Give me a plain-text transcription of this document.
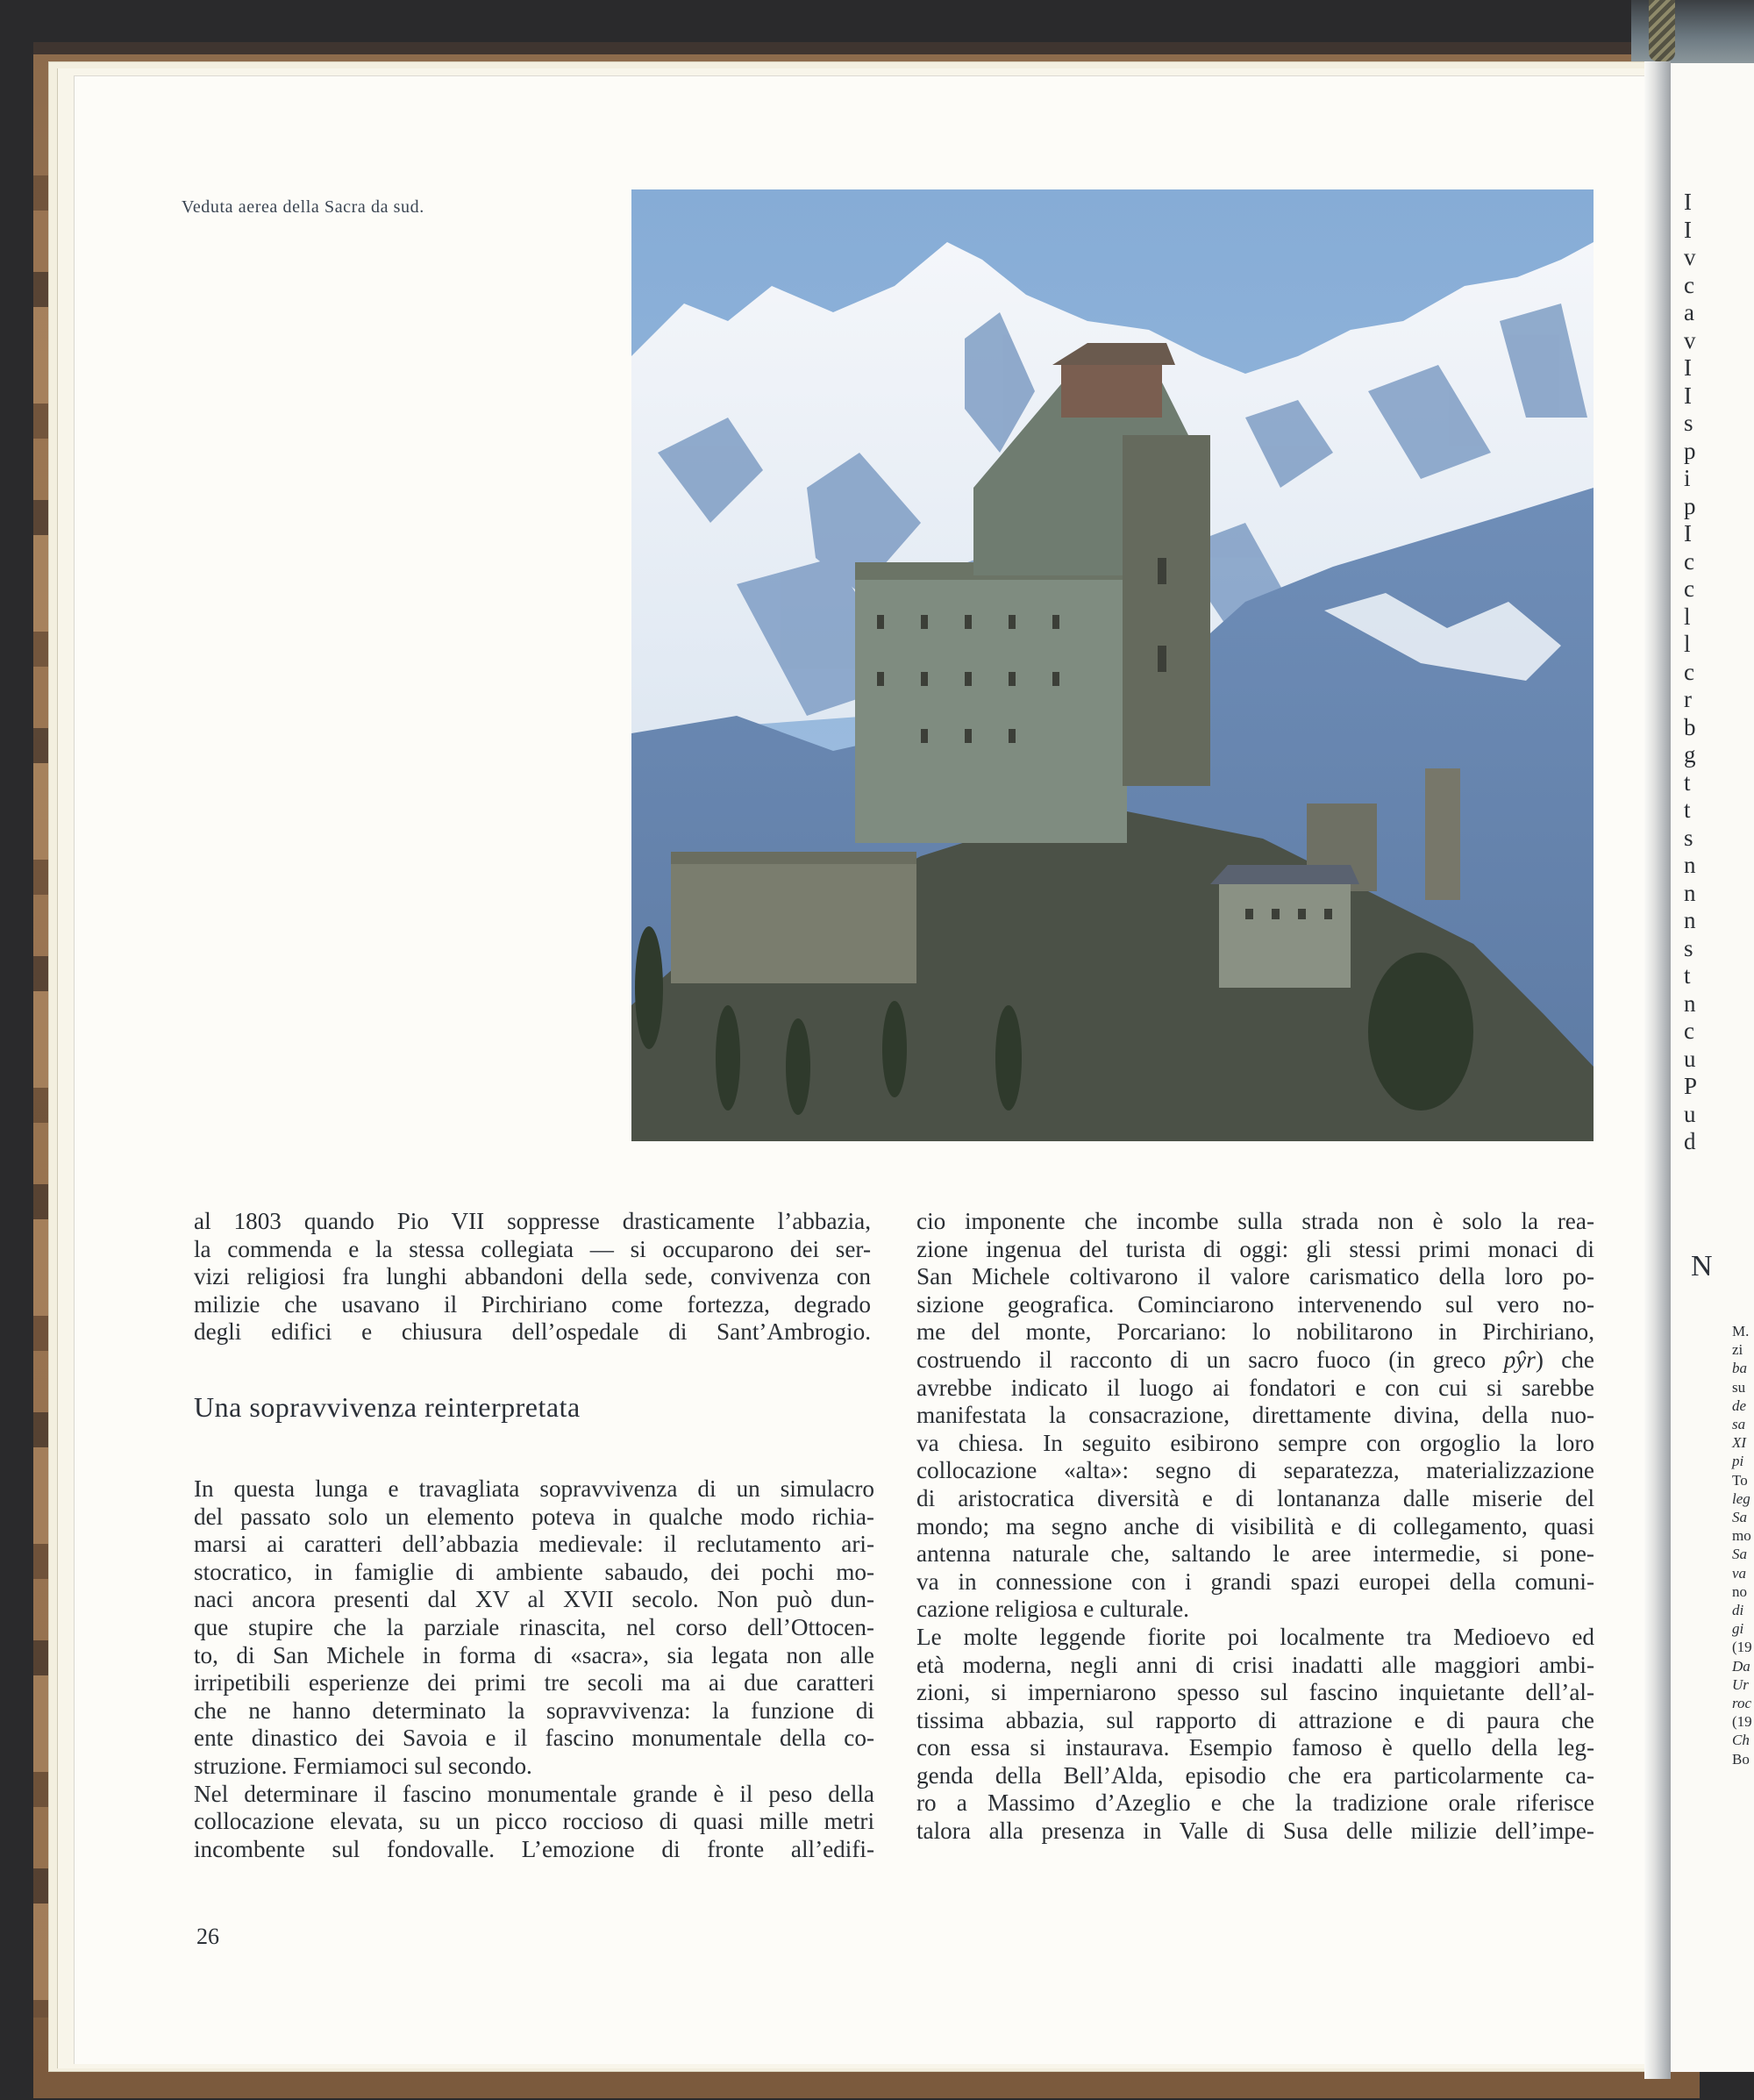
Veduta aerea della Sacra da sud.
al 1803 quando Pio VII soppresse drasticamente l’abbazia,
la commenda e la stessa collegiata — si occuparono dei ser-
vizi religiosi fra lunghi abbandoni della sede, convivenza con
milizie che usavano il Pirchiriano come fortezza, degrado
degli edifici e chiusura dell’ospedale di Sant’Ambrogio.
Una sopravvivenza reinterpretata
In questa lunga e travagliata sopravvivenza di un simulacro
del passato solo un elemento poteva in qualche modo richia-
marsi ai caratteri dell’abbazia medievale: il reclutamento ari-
stocratico, in famiglie di ambiente sabaudo, dei pochi mo-
naci ancora presenti dal XV al XVII secolo. Non può dun-
que stupire che la parziale rinascita, nel corso dell’Ottocen-
to, di San Michele in forma di «sacra», sia legata non alle
irripetibili esperienze dei primi tre secoli ma ai due caratteri
che ne hanno determinato la sopravvivenza: la funzione di
ente dinastico dei Savoia e il fascino monumentale della co-
struzione. Fermiamoci sul secondo.
Nel determinare il fascino monumentale grande è il peso della
collocazione elevata, su un picco roccioso di quasi mille metri
incombente sul fondovalle. L’emozione di fronte all’edifi-
cio imponente che incombe sulla strada non è solo la rea-
zione ingenua del turista di oggi: gli stessi primi monaci di
San Michele coltivarono il valore carismatico della loro po-
sizione geografica. Cominciarono intervenendo sul vero no-
me del monte, Porcariano: lo nobilitarono in Pirchiriano,
costruendo il racconto di un sacro fuoco (in greco pŷr) che
avrebbe indicato il luogo ai fondatori e con cui si sarebbe
manifestata la consacrazione, direttamente divina, della nuo-
va chiesa. In seguito esibirono sempre con orgoglio la loro
collocazione «alta»: segno di separatezza, materializzazione
di aristocratica diversità e di lontananza dalle miserie del
mondo; ma segno anche di visibilità e di collegamento, quasi
antenna naturale che, saltando le aree intermedie, si pone-
va in connessione con i grandi spazi europei della comuni-
cazione religiosa e culturale.
Le molte leggende fiorite poi localmente tra Medioevo ed
età moderna, negli anni di crisi inadatti alle maggiori ambi-
zioni, si imperniarono spesso sul fascino inquietante dell’al-
tissima abbazia, sul rapporto di attrazione e di paura che
con essa si instaurava. Esempio famoso è quello della leg-
genda della Bell’Alda, episodio che era particolarmente ca-
ro a Massimo d’Azeglio e che la tradizione orale riferisce
talora alla presenza in Valle di Susa delle milizie dell’impe-
26
I
I
v
c
a
v
I
I
s
p
i
p
I
c
c
l
l
c
r
b
g
t
t
s
n
n
n
s
t
n
c
u
P
u
d
N
M.
zi
ba
su
de
sa
XI
pi
To
leg
Sa
mo
Sa
va
no
di
gi
(19
Da
Ur
roc
(19
Ch
Bo
